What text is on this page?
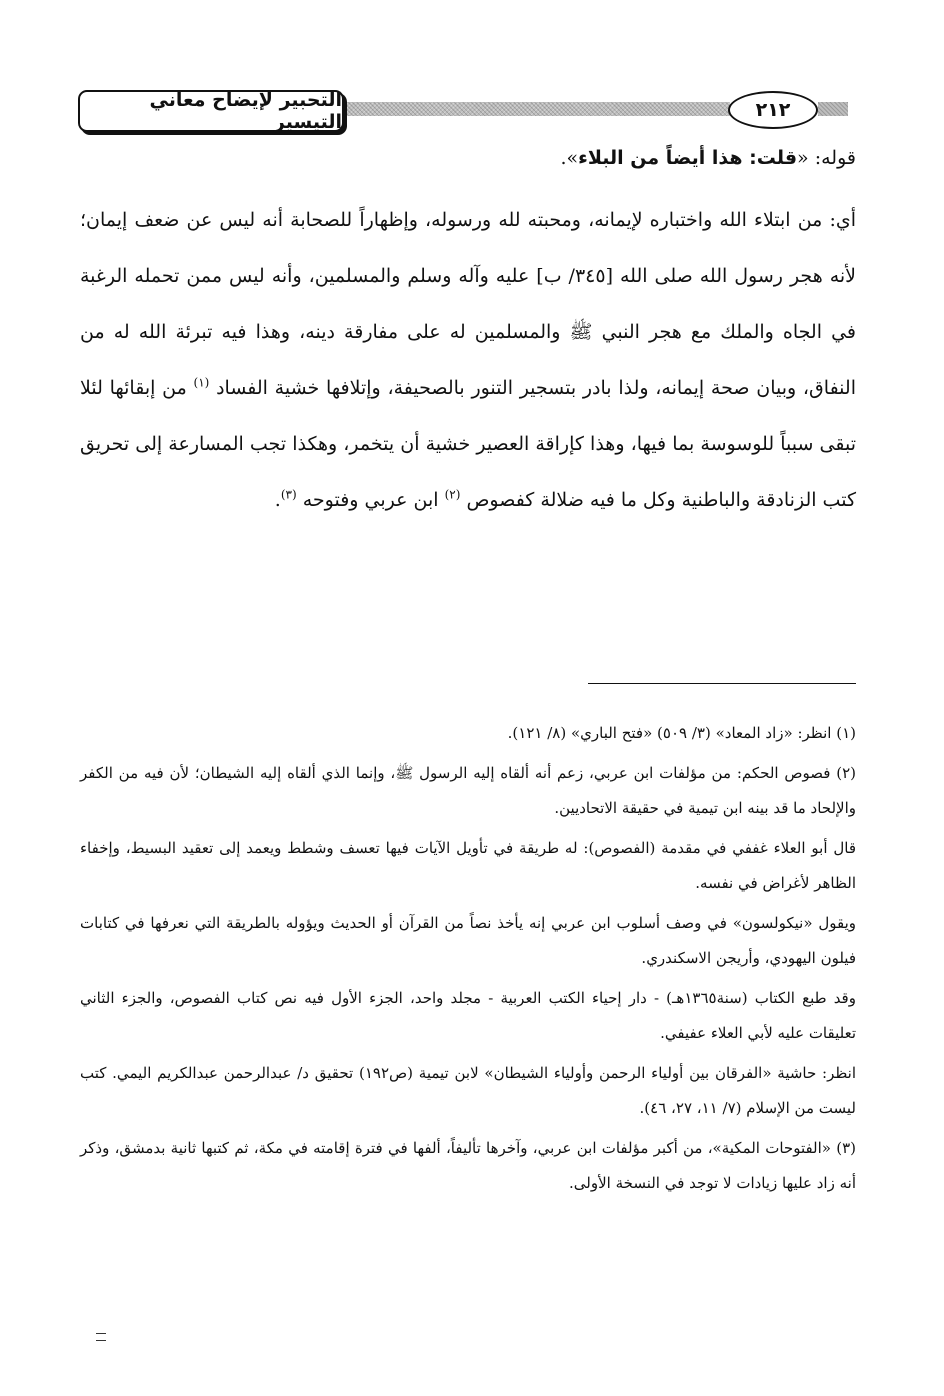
التحبير لإيضاح معاني التيسير
٢١٢

قوله: «قلت: هذا أيضاً من البلاء».

أي: من ابتلاء الله واختباره لإيمانه، ومحبته لله ورسوله، وإظهاراً للصحابة أنه ليس عن ضعف إيمان؛ لأنه هجر رسول الله صلى الله [٣٤٥/ ب] عليه وآله وسلم والمسلمين، وأنه ليس ممن تحمله الرغبة في الجاه والملك مع هجر النبي ﷺ والمسلمين له على مفارقة دينه، وهذا فيه تبرئة الله له من النفاق، وبيان صحة إيمانه، ولذا بادر بتسجير التنور بالصحيفة، وإتلافها خشية الفساد $^{(١)}$ من إبقائها لئلا تبقى سبباً للوسوسة بما فيها، وهذا كإراقة العصير خشية أن يتخمر، وهكذا تجب المسارعة إلى تحريق كتب الزنادقة والباطنية وكل ما فيه ضلالة كفصوص $^{(٢)}$ ابن عربي وفتوحه $^{(٣)}$.

(١) انظر: «زاد المعاد» (٣/ ٥٠٩) «فتح الباري» (٨/ ١٢١).

(٢) فصوص الحكم: من مؤلفات ابن عربي، زعم أنه ألقاه إليه الرسول ﷺ، وإنما الذي ألقاه إليه الشيطان؛ لأن فيه من الكفر والإلحاد ما قد بينه ابن تيمية في حقيقة الاتحاديين.

قال أبو العلاء غففي في مقدمة (الفصوص): له طريقة في تأويل الآيات فيها تعسف وشطط ويعمد إلى تعقيد البسيط، وإخفاء الظاهر لأغراض في نفسه.

ويقول «نيكولسون» في وصف أسلوب ابن عربي إنه يأخذ نصاً من القرآن أو الحديث ويؤوله بالطريقة التي نعرفها في كتابات فيلون اليهودي، وأريجن الاسكندري.

وقد طبع الكتاب (سنة١٣٦٥هـ) - دار إحياء الكتب العربية - مجلد واحد، الجزء الأول فيه نص كتاب الفصوص، والجزء الثاني تعليقات عليه لأبي العلاء عفيفي.

انظر: حاشية «الفرقان بين أولياء الرحمن وأولياء الشيطان» لابن تيمية (ص١٩٢) تحقيق د/ عبدالرحمن عبدالكريم اليمي. كتب ليست من الإسلام (٧/ ١١، ٢٧، ٤٦).

(٣) «الفتوحات المكية»، من أكبر مؤلفات ابن عربي، وآخرها تأليفاً، ألفها في فترة إقامته في مكة، ثم كتبها ثانية بدمشق، وذكر أنه زاد عليها زيادات لا توجد في النسخة الأولى.
